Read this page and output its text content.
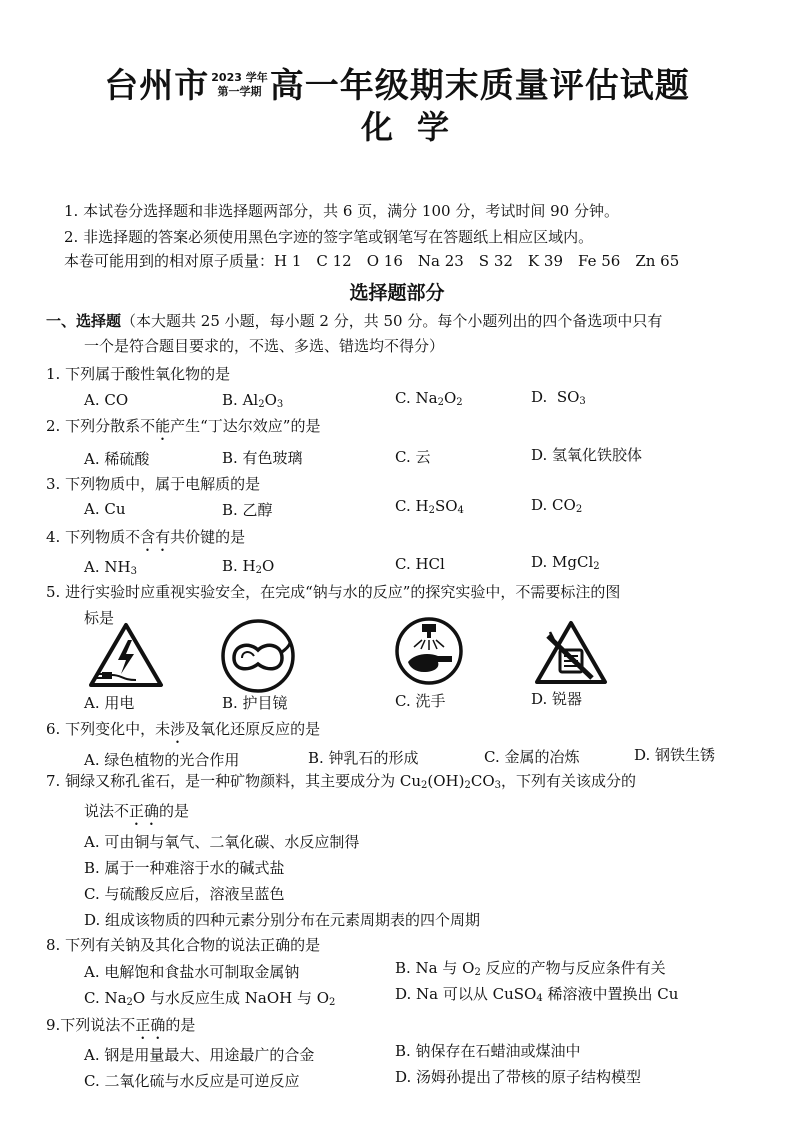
台州市 2023 学年
第一学期 高一年级期末质量评估试题
化学
1. 本试卷分选择题和非选择题两部分，共 6 页，满分 100 分，考试时间 90 分钟。
2. 非选择题的答案必须使用黑色字迹的签字笔或钢笔写在答题纸上相应区域内。
本卷可能用到的相对原子质量：H 1　C 12　O 16　Na 23　S 32　K 39　Fe 56　Zn 65
选择题部分
一、选择题（本大题共 25 小题，每小题 2 分，共 50 分。每个小题列出的四个备选项中只有
一个是符合题目要求的，不选、多选、错选均不得分）
1. 下列属于酸性氧化物的是
A. CO	B. $Al_2O_3$	C. $Na_2O_2$	D. $SO_3$
2. 下列分散系不能产生“丁达尔效应”的是
A. 稀硫酸	B. 有色玻璃	C. 云	D. 氢氧化铁胶体
3. 下列物质中，属于电解质的是
A. Cu	B. 乙醇	C. $H_2SO_4$	D. $CO_2$
4. 下列物质不含有共价键的是
A. $NH_3$	B. $H_2O$	C. HCl	D. MgCl$_2$
5. 进行实验时应重视实验安全，在完成“钠与水的反应”的探究实验中，不需要标注的图
标是
A. 用电	B. 护目镜	C. 洗手	D. 锐器
6. 下列变化中，未涉及氧化还原反应的是
A. 绿色植物的光合作用	B. 钟乳石的形成	C. 金属的冶炼	D. 钢铁生锈
7. 铜绿又称孔雀石，是一种矿物颜料，其主要成分为 $Cu_2(OH)_2CO_3$，下列有关该成分的
说法不正确的是
A. 可由铜与氧气、二氧化碳、水反应制得
B. 属于一种难溶于水的碱式盐
C. 与硫酸反应后，溶液呈蓝色
D. 组成该物质的四种元素分别分布在元素周期表的四个周期
8. 下列有关钠及其化合物的说法正确的是
A. 电解饱和食盐水可制取金属钠	B. Na 与 $O_2$ 反应的产物与反应条件有关
C. $Na_2O$ 与水反应生成 NaOH 与 $O_2$	D. Na 可以从 CuSO$_4$ 稀溶液中置换出 Cu
9.下列说法不正确的是
A. 钢是用量最大、用途最广的合金	B. 钠保存在石蜡油或煤油中
C. 二氧化硫与水反应是可逆反应	D. 汤姆孙提出了带核的原子结构模型
